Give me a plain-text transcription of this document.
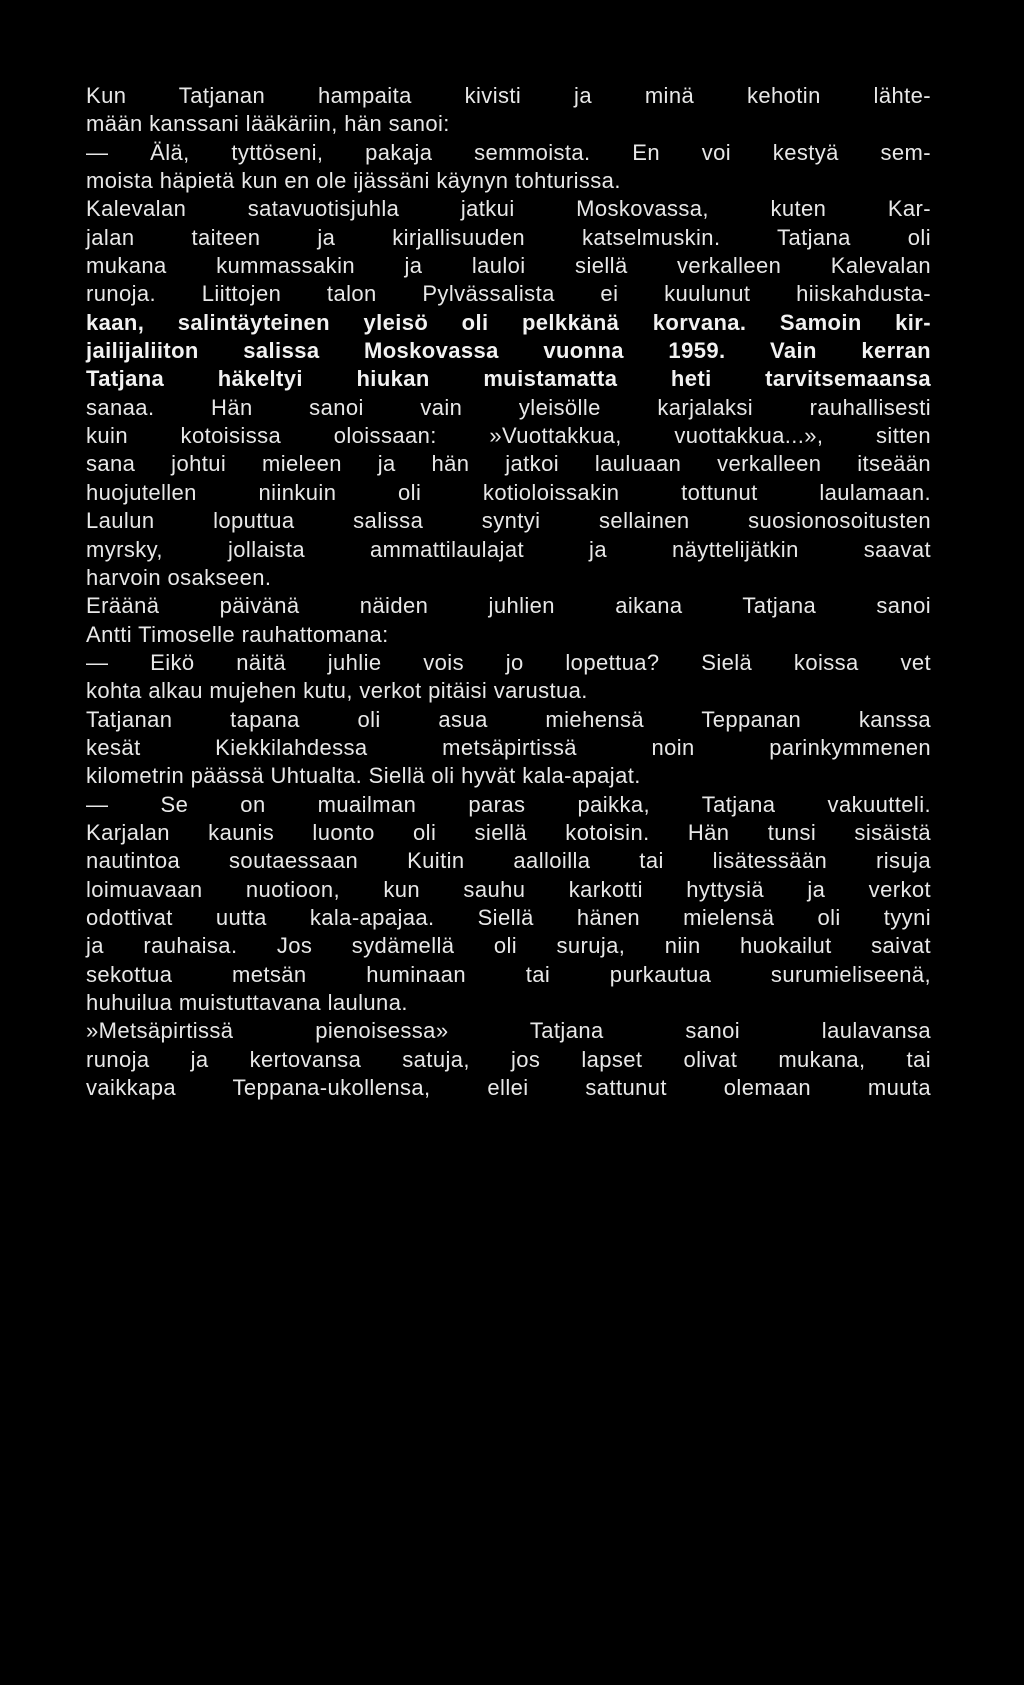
Kun Tatjanan hampaita kivisti ja minä kehotin lähte-
mään kanssani lääkäriin, hän sanoi:
— Älä, tyttöseni, pakaja semmoista. En voi kestyä sem-
moista häpietä kun en ole ijässäni käynyn tohturissa.
Kalevalan satavuotisjuhla jatkui Moskovassa, kuten Kar-
jalan taiteen ja kirjallisuuden katselmuskin. Tatjana oli
mukana kummassakin ja lauloi siellä verkalleen Kalevalan
runoja. Liittojen talon Pylvässalista ei kuulunut hiiskahdusta-
kaan, salintäyteinen yleisö oli pelkkänä korvana. Samoin kir-
jailijaliiton salissa Moskovassa vuonna 1959. Vain kerran
Tatjana häkeltyi hiukan muistamatta heti tarvitsemaansa
sanaa. Hän sanoi vain yleisölle karjalaksi rauhallisesti
kuin kotoisissa oloissaan: »Vuottakkua, vuottakkua...», sitten
sana johtui mieleen ja hän jatkoi lauluaan verkalleen itseään
huojutellen niinkuin oli kotioloissakin tottunut laulamaan.
Laulun loputtua salissa syntyi sellainen suosionosoitusten
myrsky, jollaista ammattilaulajat ja näyttelijätkin saavat
harvoin osakseen.
Eräänä päivänä näiden juhlien aikana Tatjana sanoi
Antti Timoselle rauhattomana:
— Eikö näitä juhlie vois jo lopettua? Sielä koissa vet
kohta alkau mujehen kutu, verkot pitäisi varustua.
Tatjanan tapana oli asua miehensä Teppanan kanssa
kesät Kiekkilahdessa metsäpirtissä noin parinkymmenen
kilometrin päässä Uhtualta. Siellä oli hyvät kala-apajat.
— Se on muailman paras paikka, Tatjana vakuutteli.
Karjalan kaunis luonto oli siellä kotoisin. Hän tunsi sisäistä
nautintoa soutaessaan Kuitin aalloilla tai lisätessään risuja
loimuavaan nuotioon, kun sauhu karkotti hyttysiä ja verkot
odottivat uutta kala-apajaa. Siellä hänen mielensä oli tyyni
ja rauhaisa. Jos sydämellä oli suruja, niin huokailut saivat
sekottua metsän huminaan tai purkautua surumieliseenä,
huhuilua muistuttavana lauluna.
»Metsäpirtissä pienoisessa» Tatjana sanoi laulavansa
runoja ja kertovansa satuja, jos lapset olivat mukana, tai
vaikkapa Teppana-ukollensa, ellei sattunut olemaan muuta
